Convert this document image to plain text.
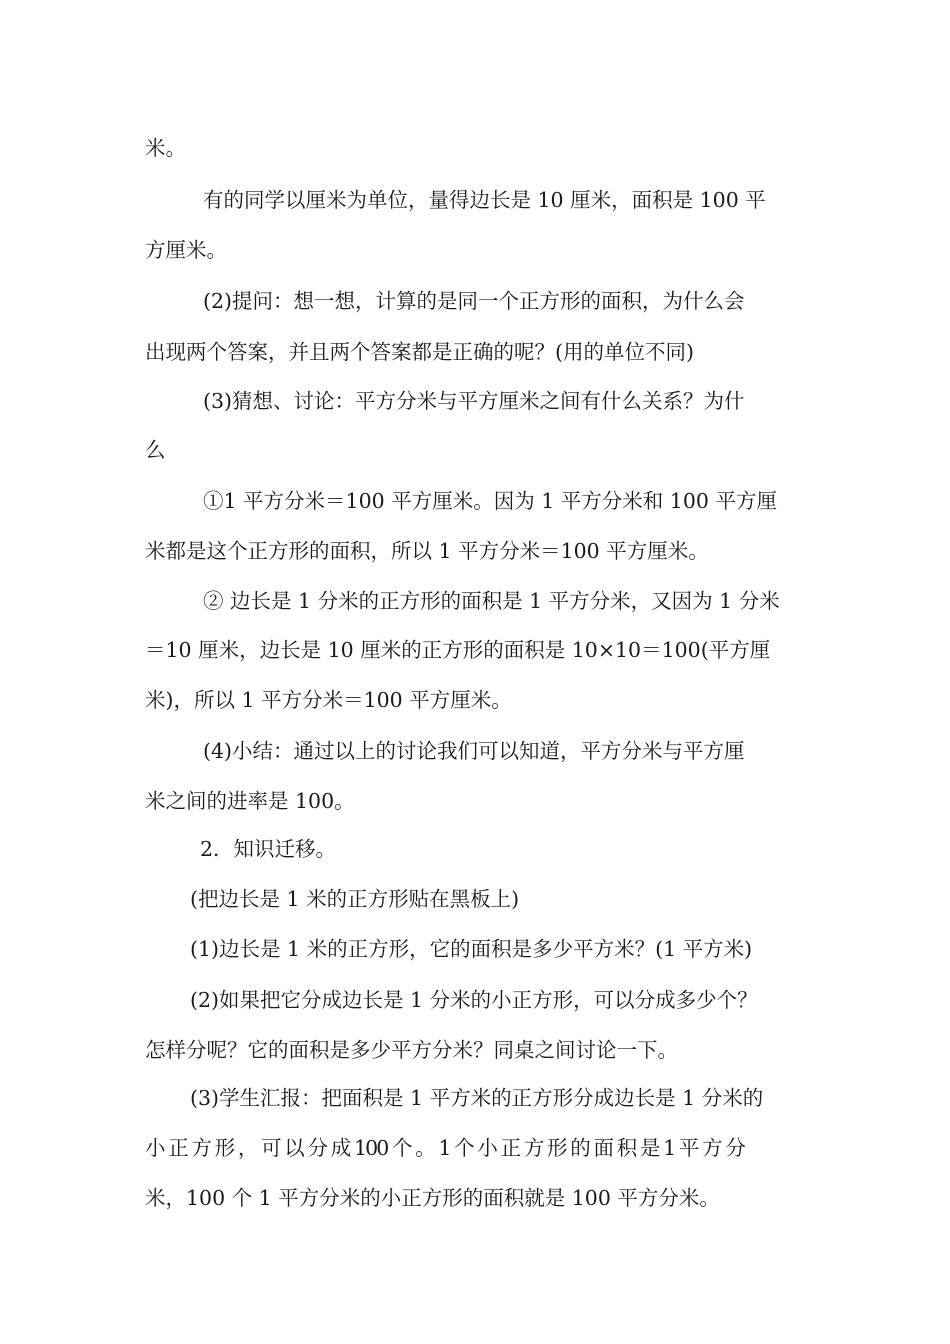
米。
有的同学以厘米为单位，量得边长是 10 厘米，面积是 100 平
方厘米。
(2)提问：想一想，计算的是同一个正方形的面积，为什么会
出现两个答案，并且两个答案都是正确的呢？(用的单位不同)
(3)猜想、讨论：平方分米与平方厘米之间有什么关系？为什
么
①1 平方分米＝100 平方厘米。因为 1 平方分米和 100 平方厘
米都是这个正方形的面积，所以 1 平方分米＝100 平方厘米。
② 边长是 1 分米的正方形的面积是 1 平方分米，又因为 1 分米
＝10 厘米，边长是 10 厘米的正方形的面积是 10×10＝100(平方厘
米)，所以 1 平方分米＝100 平方厘米。
(4)小结：通过以上的讨论我们可以知道，平方分米与平方厘
米之间的进率是 100。
2．知识迁移。
(把边长是 1 米的正方形贴在黑板上)
(1)边长是 1 米的正方形，它的面积是多少平方米？(1 平方米)
(2)如果把它分成边长是 1 分米的小正方形，可以分成多少个？
怎样分呢？它的面积是多少平方分米？同桌之间讨论一下。
(3)学生汇报：把面积是 1 平方米的正方形分成边长是 1 分米的
小 正 方 形 ， 可 以 分 成 100 个 。 1 个 小 正 方 形 的 面 积 是 1 平 方 分
米，100 个 1 平方分米的小正方形的面积就是 100 平方分米。
